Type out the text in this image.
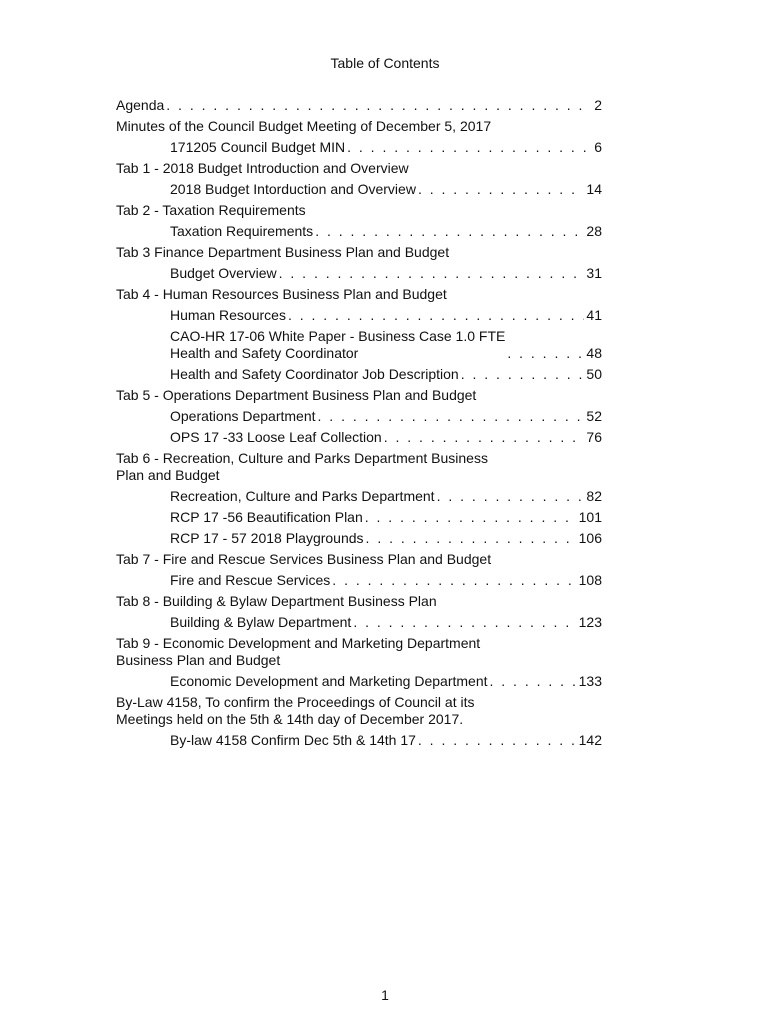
Table of Contents
Agenda . . .	2
Minutes of the Council Budget Meeting of December 5, 2017
171205 Council Budget MIN . . .	6
Tab 1 - 2018 Budget Introduction and Overview
2018 Budget Intorduction and Overview . . .	14
Tab 2 - Taxation Requirements
Taxation Requirements . . .	28
Tab 3 Finance Department Business Plan and Budget
Budget Overview . . .	31
Tab 4 - Human Resources Business Plan and Budget
Human Resources . . .	41
CAO-HR 17-06 White Paper - Business Case 1.0 FTE
Health and Safety Coordinator . . .	48
Health and Safety Coordinator Job Description . . .	50
Tab 5 - Operations Department Business Plan and Budget
Operations Department . . .	52
OPS 17 -33 Loose Leaf Collection . . .	76
Tab 6 - Recreation, Culture and Parks Department Business
Plan and Budget
Recreation, Culture and Parks Department . . .	82
RCP 17 -56 Beautification Plan . . .	101
RCP 17 - 57 2018 Playgrounds . . .	106
Tab 7 - Fire and Rescue Services Business Plan and Budget
Fire and Rescue Services . . .	108
Tab 8 - Building & Bylaw Department Business Plan
Building & Bylaw Department . . .	123
Tab 9 - Economic Development and Marketing Department
Business Plan and Budget
Economic Development and Marketing Department . . .	133
By-Law 4158, To confirm the Proceedings of Council at its
Meetings held on the 5th & 14th day of December 2017.
By-law 4158 Confirm Dec 5th & 14th 17 . . .	142
1
